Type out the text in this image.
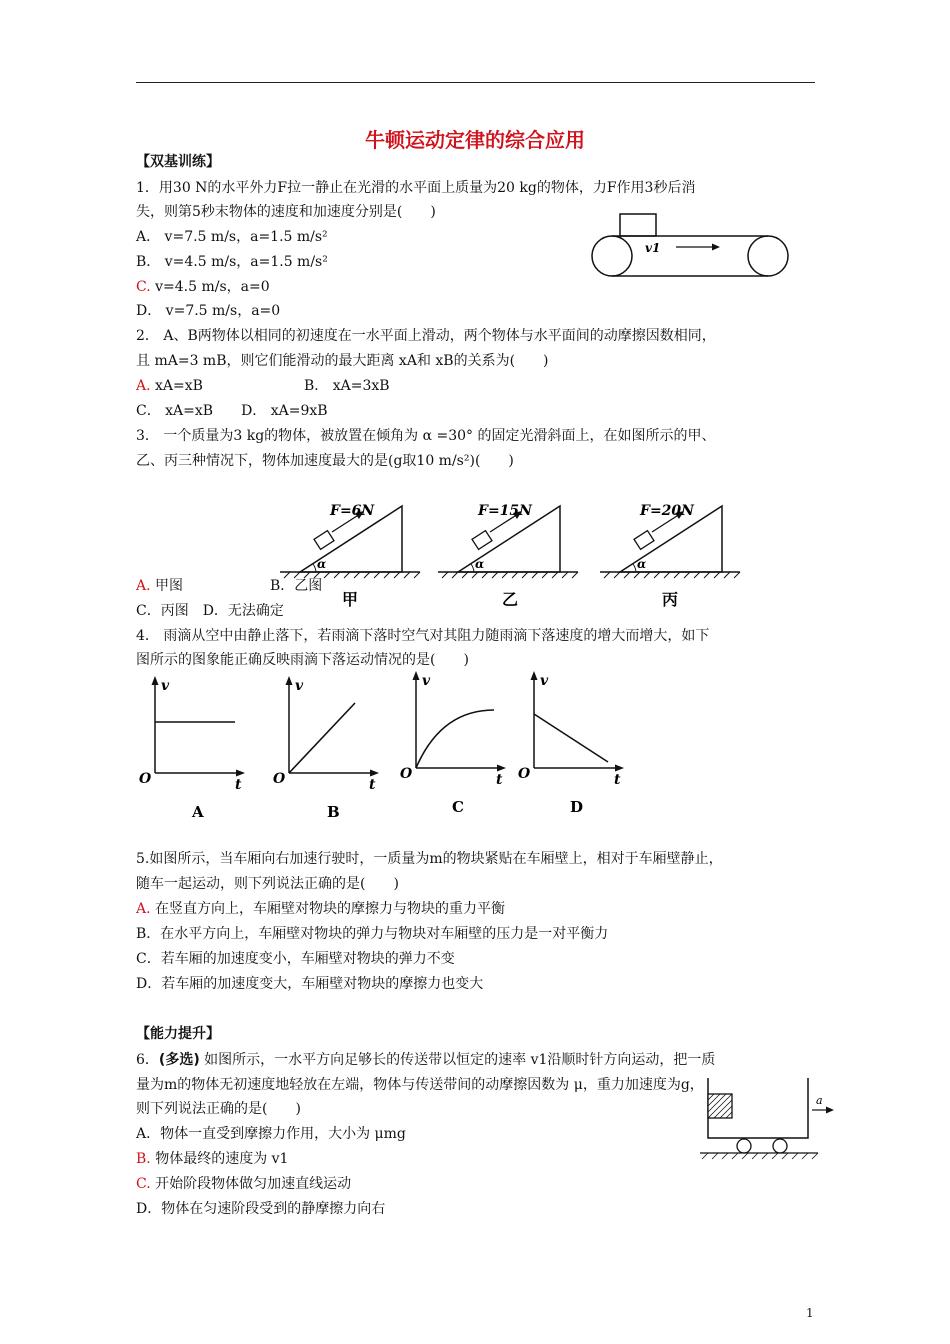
牛顿运动定律的综合应用
【双基训练】
1．用30 N的水平外力F拉一静止在光滑的水平面上质量为20 kg的物体，力F作用3秒后消
失，则第5秒末物体的速度和加速度分别是(　　)
A． v=7.5 m/s，a=1.5 m/s²
B． v=4.5 m/s，a=1.5 m/s²
C. v=4.5 m/s，a=0
D． v=7.5 m/s，a=0
v1
2． A、B两物体以相同的初速度在一水平面上滑动，两个物体与水平面间的动摩擦因数相同，
且 mA=3 mB，则它们能滑动的最大距离 xA和 xB的关系为(　　)
A. xA=xB	B． xA=3xB
C． xA=xB　　D． xA=9xB
3． 一个质量为3 kg的物体，被放置在倾角为 α =30° 的固定光滑斜面上，在如图所示的甲、
乙、丙三种情况下，物体加速度最大的是(g取10 m/s²)(　　)
F=6N
α
甲
F=15N
α
乙
F=20N
α
丙
A. 甲图	B．乙图
C．丙图　D．无法确定
4． 雨滴从空中由静止落下，若雨滴下落时空气对其阻力随雨滴下落速度的增大而增大，如下
图所示的图象能正确反映雨滴下落运动情况的是(　　)
v
t
O
A
v
t
O
B
v
t
O
C
v
t
O
D
5.如图所示，当车厢向右加速行驶时，一质量为m的物块紧贴在车厢壁上，相对于车厢壁静止，
随车一起运动，则下列说法正确的是(　　)
A. 在竖直方向上，车厢壁对物块的摩擦力与物块的重力平衡
B．在水平方向上，车厢壁对物块的弹力与物块对车厢壁的压力是一对平衡力
C．若车厢的加速度变小，车厢壁对物块的弹力不变
D．若车厢的加速度变大，车厢壁对物块的摩擦力也变大
【能力提升】
6．(多选) 如图所示，一水平方向足够长的传送带以恒定的速率 v1沿顺时针方向运动，把一质
量为m的物体无初速度地轻放在左端，物体与传送带间的动摩擦因数为 μ，重力加速度为g，
则下列说法正确的是(　　)
A．物体一直受到摩擦力作用，大小为 μmg
B. 物体最终的速度为 v1
C. 开始阶段物体做匀加速直线运动
D．物体在匀速阶段受到的静摩擦力向右
a
1
